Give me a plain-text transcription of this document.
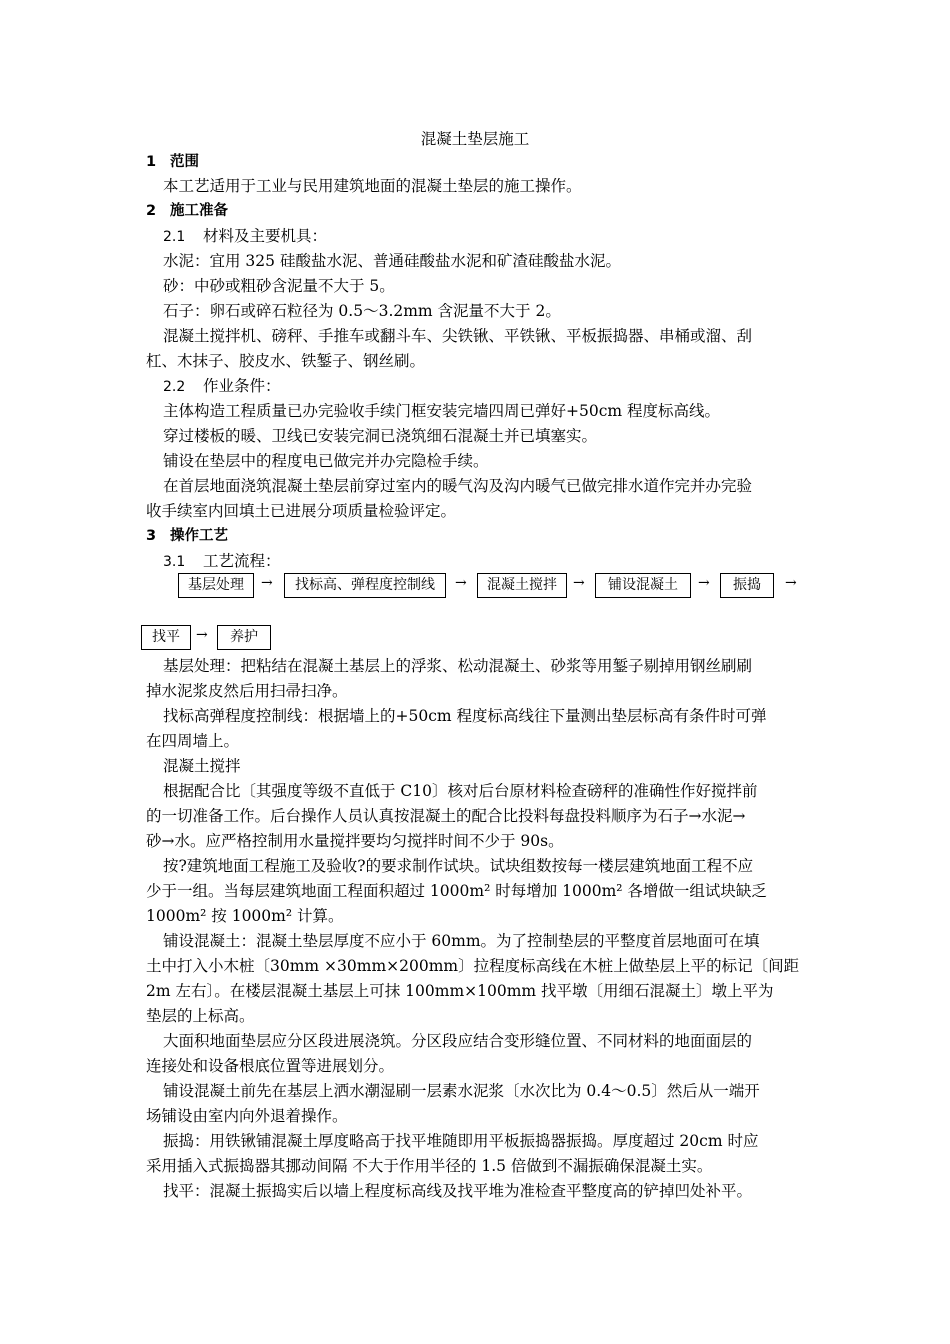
混凝土垫层施工
1 范围
本工艺适用于工业与民用建筑地面的混凝土垫层的施工操作。
2 施工准备
2.1 材料及主要机具：
水泥：宜用 325 硅酸盐水泥、普通硅酸盐水泥和矿渣硅酸盐水泥。
砂：中砂或粗砂含泥量不大于 5。
石子：卵石或碎石粒径为 0.5～3.2mm 含泥量不大于 2。
混凝土搅拌机、磅秤、手推车或翻斗车、尖铁锹、平铁锹、平板振捣器、串桶或溜、刮
杠、木抹子、胶皮水、铁錾子、钢丝刷。
2.2 作业条件：
主体构造工程质量已办完验收手续门框安装完墙四周已弹好+50cm 程度标高线。
穿过楼板的暖、卫线已安装完洞已浇筑细石混凝土并已填塞实。
铺设在垫层中的程度电已做完并办完隐检手续。
在首层地面浇筑混凝土垫层前穿过室内的暖气沟及沟内暖气已做完排水道作完并办完验
收手续室内回填土已进展分项质量检验评定。
3 操作工艺
3.1 工艺流程：
基层处理	→	找标高、弹程度控制线	→	混凝土搅拌	→	铺设混凝土	→	振捣	→
找平	→	养护
基层处理：把粘结在混凝土基层上的浮浆、松动混凝土、砂浆等用錾子剔掉用钢丝刷刷
掉水泥浆皮然后用扫帚扫净。
找标高弹程度控制线：根据墙上的+50cm 程度标高线往下量测出垫层标高有条件时可弹
在四周墙上。
混凝土搅拌
根据配合比〔其强度等级不直低于 C10〕核对后台原材料检查磅秤的准确性作好搅拌前
的一切准备工作。后台操作人员认真按混凝土的配合比投料每盘投料顺序为石子→水泥→
砂→水。应严格控制用水量搅拌要均匀搅拌时间不少于 90s。
按?建筑地面工程施工及验收?的要求制作试块。试块组数按每一楼层建筑地面工程不应
少于一组。当每层建筑地面工程面积超过 1000m² 时每增加 1000m² 各增做一组试块缺乏
1000m² 按 1000m² 计算。
铺设混凝土：混凝土垫层厚度不应小于 60mm。为了控制垫层的平整度首层地面可在填
土中打入小木桩〔30mm ×30mm×200mm〕拉程度标高线在木桩上做垫层上平的标记〔间距
2m 左右〕。在楼层混凝土基层上可抹 100mm×100mm 找平墩〔用细石混凝土〕墩上平为
垫层的上标高。
大面积地面垫层应分区段进展浇筑。分区段应结合变形缝位置、不同材料的地面面层的
连接处和设备根底位置等进展划分。
铺设混凝土前先在基层上洒水潮湿刷一层素水泥浆〔水次比为 0.4～0.5〕然后从一端开
场铺设由室内向外退着操作。
振捣：用铁锹铺混凝土厚度略高于找平堆随即用平板振捣器振捣。厚度超过 20cm 时应
采用插入式振捣器其挪动间隔 不大于作用半径的 1.5 倍做到不漏振确保混凝土实。
找平：混凝土振捣实后以墙上程度标高线及找平堆为准检查平整度高的铲掉凹处补平。
